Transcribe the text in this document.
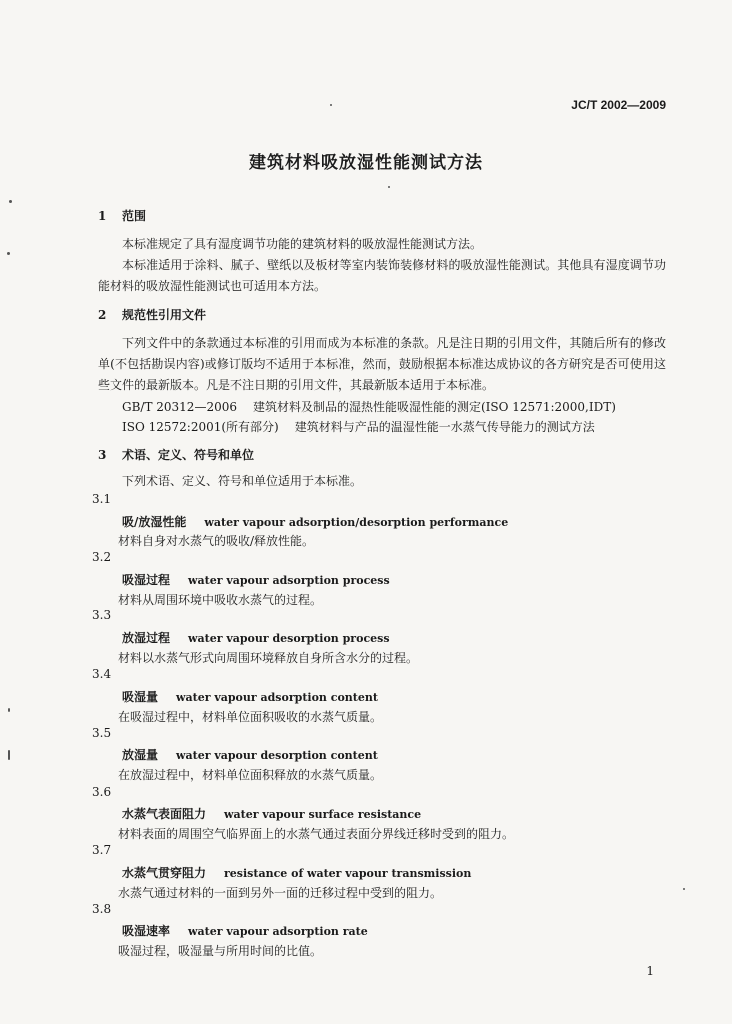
JC/T 2002—2009
建筑材料吸放湿性能测试方法
1 范围
本标准规定了具有湿度调节功能的建筑材料的吸放湿性能测试方法。
本标准适用于涂料、腻子、壁纸以及板材等室内装饰装修材料的吸放湿性能测试。其他具有湿度调节功能材料的吸放湿性能测试也可适用本方法。
2 规范性引用文件
下列文件中的条款通过本标准的引用而成为本标准的条款。凡是注日期的引用文件，其随后所有的修改单(不包括勘误内容)或修订版均不适用于本标准，然而，鼓励根据本标准达成协议的各方研究是否可使用这些文件的最新版本。凡是不注日期的引用文件，其最新版本适用于本标准。
GB/T 20312—2006 建筑材料及制品的湿热性能吸湿性能的测定(ISO 12571:2000,IDT)
ISO 12572:2001(所有部分) 建筑材料与产品的温湿性能一水蒸气传导能力的测试方法
3 术语、定义、符号和单位
下列术语、定义、符号和单位适用于本标准。
3.1
吸/放湿性能 water vapour adsorption/desorption performance
材料自身对水蒸气的吸收/释放性能。
3.2
吸湿过程 water vapour adsorption process
材料从周围环境中吸收水蒸气的过程。
3.3
放湿过程 water vapour desorption process
材料以水蒸气形式向周围环境释放自身所含水分的过程。
3.4
吸湿量 water vapour adsorption content
在吸湿过程中，材料单位面积吸收的水蒸气质量。
3.5
放湿量 water vapour desorption content
在放湿过程中，材料单位面积释放的水蒸气质量。
3.6
水蒸气表面阻力 water vapour surface resistance
材料表面的周围空气临界面上的水蒸气通过表面分界线迁移时受到的阻力。
3.7
水蒸气贯穿阻力 resistance of water vapour transmission
水蒸气通过材料的一面到另外一面的迁移过程中受到的阻力。
3.8
吸湿速率 water vapour adsorption rate
吸湿过程，吸湿量与所用时间的比值。
1
